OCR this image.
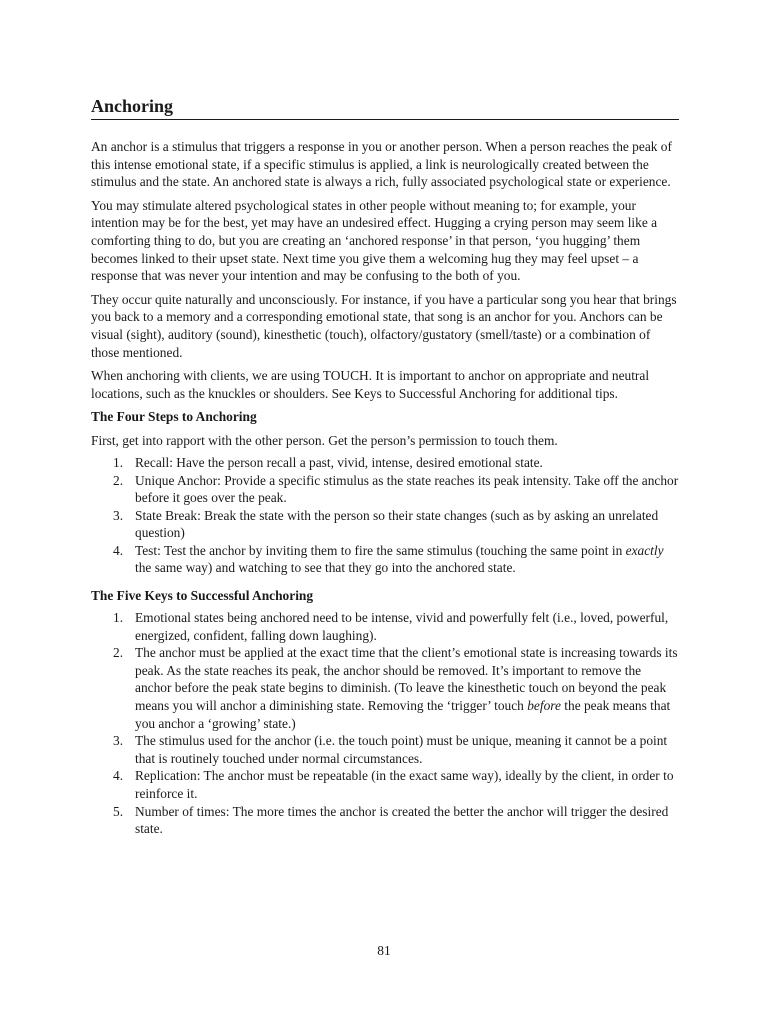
Anchoring

An anchor is a stimulus that triggers a response in you or another person. When a person reaches the peak of this intense emotional state, if a specific stimulus is applied, a link is neurologically created between the stimulus and the state. An anchored state is always a rich, fully associated psychological state or experience.

You may stimulate altered psychological states in other people without meaning to; for example, your intention may be for the best, yet may have an undesired effect. Hugging a crying person may seem like a comforting thing to do, but you are creating an ‘anchored response’ in that person, ‘you hugging’ them becomes linked to their upset state. Next time you give them a welcoming hug they may feel upset – a response that was never your intention and may be confusing to the both of you.

They occur quite naturally and unconsciously. For instance, if you have a particular song you hear that brings you back to a memory and a corresponding emotional state, that song is an anchor for you. Anchors can be visual (sight), auditory (sound), kinesthetic (touch), olfactory/gustatory (smell/taste) or a combination of those mentioned.

When anchoring with clients, we are using TOUCH. It is important to anchor on appropriate and neutral locations, such as the knuckles or shoulders. See Keys to Successful Anchoring for additional tips.

The Four Steps to Anchoring

First, get into rapport with the other person. Get the person’s permission to touch them.

1. Recall: Have the person recall a past, vivid, intense, desired emotional state.
2. Unique Anchor: Provide a specific stimulus as the state reaches its peak intensity. Take off the anchor before it goes over the peak.
3. State Break: Break the state with the person so their state changes (such as by asking an unrelated question)
4. Test: Test the anchor by inviting them to fire the same stimulus (touching the same point in exactly the same way) and watching to see that they go into the anchored state.
The Five Keys to Successful Anchoring
1. Emotional states being anchored need to be intense, vivid and powerfully felt (i.e., loved, powerful, energized, confident, falling down laughing).
2. The anchor must be applied at the exact time that the client’s emotional state is increasing towards its peak. As the state reaches its peak, the anchor should be removed. It’s important to remove the anchor before the peak state begins to diminish. (To leave the kinesthetic touch on beyond the peak means you will anchor a diminishing state. Removing the ‘trigger’ touch before the peak means that you anchor a ‘growing’ state.)
3. The stimulus used for the anchor (i.e. the touch point) must be unique, meaning it cannot be a point that is routinely touched under normal circumstances.
4. Replication: The anchor must be repeatable (in the exact same way), ideally by the client, in order to reinforce it.
5. Number of times: The more times the anchor is created the better the anchor will trigger the desired state.
81
